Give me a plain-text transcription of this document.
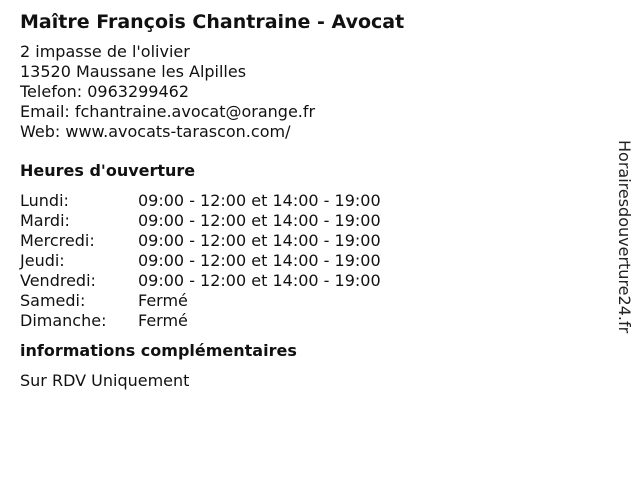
Maître François Chantraine - Avocat
2 impasse de l'olivier
13520 Maussane les Alpilles
Telefon: 0963299462
Email: fchantraine.avocat@orange.fr
Web: www.avocats-tarascon.com/
Heures d'ouverture
Lundi:	09:00 - 12:00 et 14:00 - 19:00
Mardi:	09:00 - 12:00 et 14:00 - 19:00
Mercredi:	09:00 - 12:00 et 14:00 - 19:00
Jeudi:	09:00 - 12:00 et 14:00 - 19:00
Vendredi:	09:00 - 12:00 et 14:00 - 19:00
Samedi:	Fermé
Dimanche: Fermé
informations complémentaires
Sur RDV Uniquement
Horairesdouverture24.fr
